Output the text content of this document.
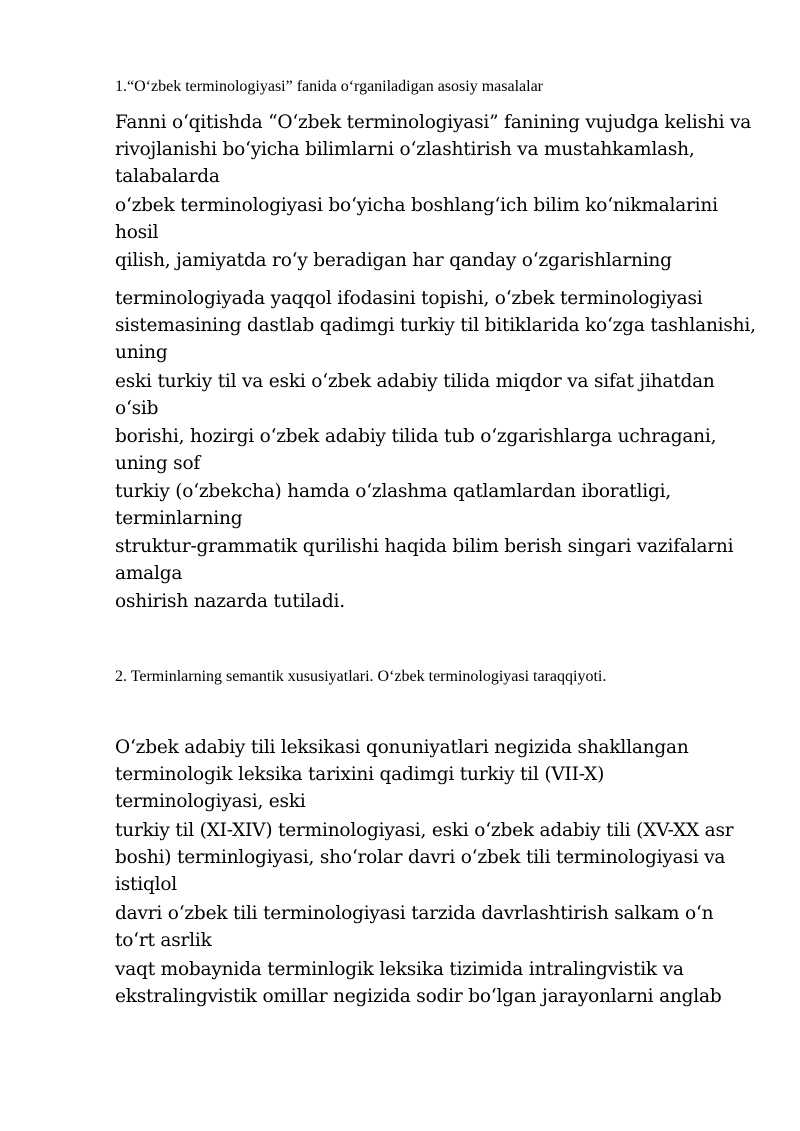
1.“O‘zbek terminologiyasi” fanida o‘rganiladigan asosiy masalalar
Fanni o‘qitishda “O‘zbek terminologiyasi” fanining vujudga kelishi va
rivojlanishi bo‘yicha bilimlarni o‘zlashtirish va mustahkamlash,
talabalarda
o‘zbek terminologiyasi bo‘yicha boshlang‘ich bilim ko‘nikmalarini
hosil
qilish, jamiyatda ro‘y beradigan har qanday o‘zgarishlarning
terminologiyada yaqqol ifodasini topishi, o‘zbek terminologiyasi
sistemasining dastlab qadimgi turkiy til bitiklarida ko‘zga tashlanishi,
uning
eski turkiy til va eski o‘zbek adabiy tilida miqdor va sifat jihatdan
o‘sib
borishi, hozirgi o‘zbek adabiy tilida tub o‘zgarishlarga uchragani,
uning sof
turkiy (o‘zbekcha) hamda o‘zlashma qatlamlardan iboratligi,
terminlarning
struktur-grammatik qurilishi haqida bilim berish singari vazifalarni
amalga
oshirish nazarda tutiladi.
2. Terminlarning semantik xususiyatlari. O‘zbek terminologiyasi taraqqiyoti.
O‘zbek adabiy tili leksikasi qonuniyatlari negizida shakllangan
terminologik leksika tarixini qadimgi turkiy til (VII-X)
terminologiyasi, eski
turkiy til (XI-XIV) terminologiyasi, eski o‘zbek adabiy tili (XV-XX asr
boshi) terminlogiyasi, sho‘rolar davri o‘zbek tili terminologiyasi va
istiqlol
davri o‘zbek tili terminologiyasi tarzida davrlashtirish salkam o‘n
to‘rt asrlik
vaqt mobaynida terminlogik leksika tizimida intralingvistik va
ekstralingvistik omillar negizida sodir bo‘lgan jarayonlarni anglab
